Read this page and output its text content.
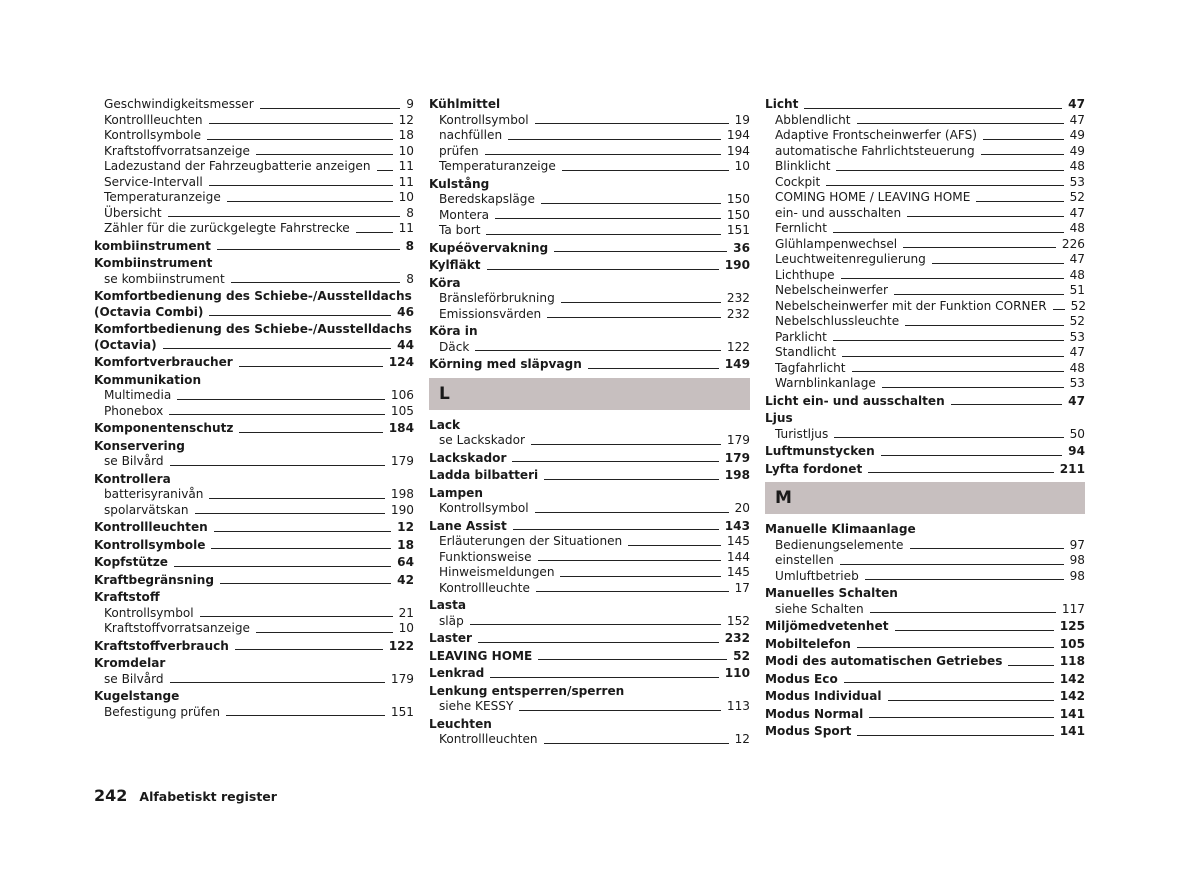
Geschwindigkeitsmesser	9
Kontrollleuchten	12
Kontrollsymbole	18
Kraftstoffvorratsanzeige	10
Ladezustand der Fahrzeugbatterie anzeigen 11
Service-Intervall	11
Temperaturanzeige	10
Übersicht	8
Zähler für die zurückgelegte Fahrstrecke	11
kombiinstrument	8
Kombiinstrument
se kombiinstrument	8
Komfortbedienung des Schiebe-/Ausstelldachs
(Octavia Combi)	46
Komfortbedienung des Schiebe-/Ausstelldachs
(Octavia)	44
Komfortverbraucher	124
Kommunikation
Multimedia	106
Phonebox	105
Komponentenschutz	184
Konservering
se Bilvård	179
Kontrollera
batterisyranivån	198
spolarvätskan	190
Kontrollleuchten	12
Kontrollsymbole	18
Kopfstütze	64
Kraftbegränsning	42
Kraftstoff
Kontrollsymbol	21
Kraftstoffvorratsanzeige	10
Kraftstoffverbrauch	122
Kromdelar
se Bilvård	179
Kugelstange
Befestigung prüfen	151
Kühlmittel
Kontrollsymbol	19
nachfüllen	194
prüfen	194
Temperaturanzeige	10
Kulstång
Beredskapsläge	150
Montera	150
Ta bort	151
Kupéövervakning	36
Kylfläkt	190
Köra
Bränsleförbrukning	232
Emissionsvärden	232
Köra in
Däck	122
Körning med släpvagn	149
L
Lack
se Lackskador	179
Lackskador	179
Ladda bilbatteri	198
Lampen
Kontrollsymbol	20
Lane Assist	143
Erläuterungen der Situationen	145
Funktionsweise	144
Hinweismeldungen	145
Kontrollleuchte	17
Lasta
släp	152
Laster	232
LEAVING HOME	52
Lenkrad	110
Lenkung entsperren/sperren
siehe KESSY	113
Leuchten
Kontrollleuchten	12
Licht	47
Abblendlicht	47
Adaptive Frontscheinwerfer (AFS)	49
automatische Fahrlichtsteuerung	49
Blinklicht	48
Cockpit	53
COMING HOME / LEAVING HOME	52
ein- und ausschalten	47
Fernlicht	48
Glühlampenwechsel	226
Leuchtweitenregulierung	47
Lichthupe	48
Nebelscheinwerfer	51
Nebelscheinwerfer mit der Funktion CORNER 52
Nebelschlussleuchte	52
Parklicht	53
Standlicht	47
Tagfahrlicht	48
Warnblinkanlage	53
Licht ein- und ausschalten	47
Ljus
Turistljus	50
Luftmunstycken	94
Lyfta fordonet	211
M
Manuelle Klimaanlage
Bedienungselemente	97
einstellen	98
Umluftbetrieb	98
Manuelles Schalten
siehe Schalten	117
Miljömedvetenhet	125
Mobiltelefon	105
Modi des automatischen Getriebes	118
Modus Eco	142
Modus Individual	142
Modus Normal	141
Modus Sport	141
242 Alfabetiskt register
